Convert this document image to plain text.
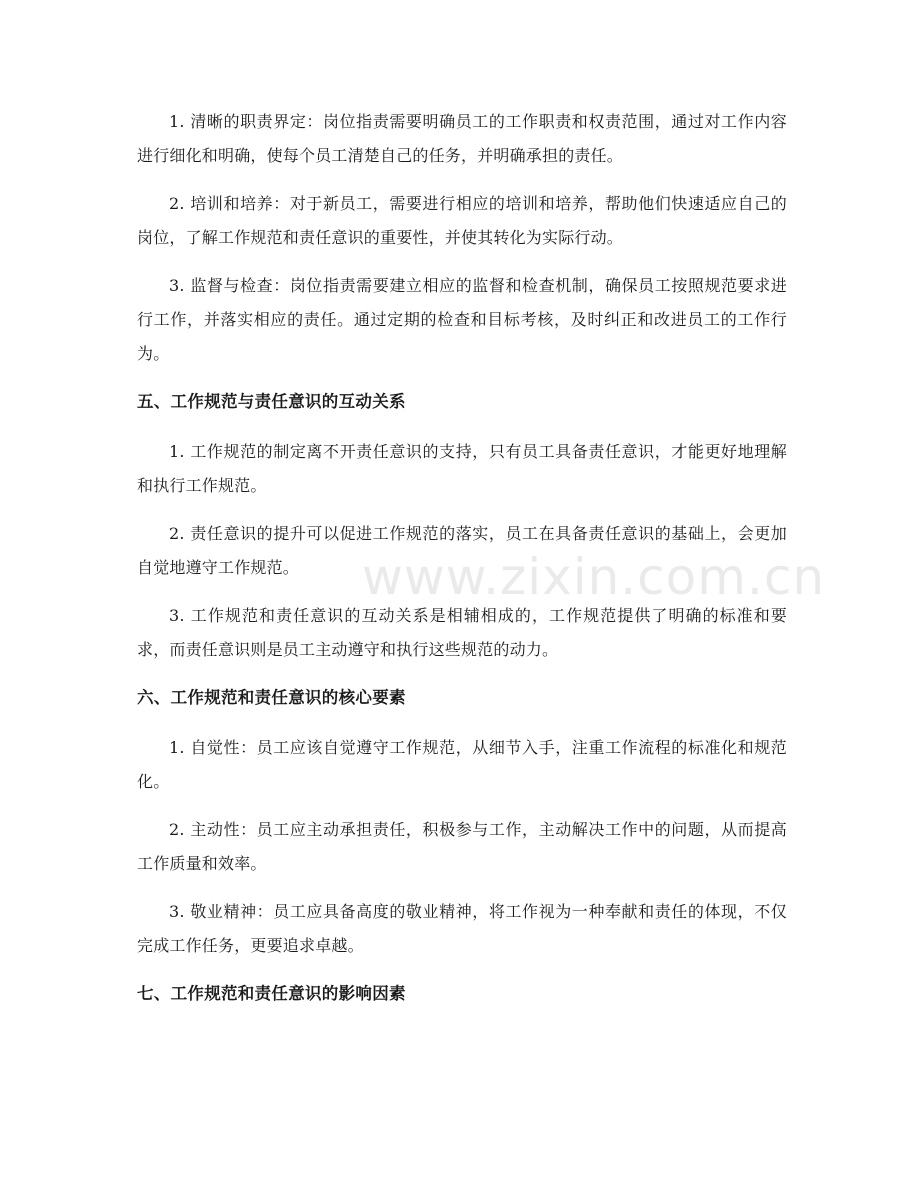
1. 清晰的职责界定：岗位指责需要明确员工的工作职责和权责范围，通过对工作内容进行细化和明确，使每个员工清楚自己的任务，并明确承担的责任。

2. 培训和培养：对于新员工，需要进行相应的培训和培养，帮助他们快速适应自己的岗位，了解工作规范和责任意识的重要性，并使其转化为实际行动。

3. 监督与检查：岗位指责需要建立相应的监督和检查机制，确保员工按照规范要求进行工作，并落实相应的责任。通过定期的检查和目标考核，及时纠正和改进员工的工作行为。

五、工作规范与责任意识的互动关系

1. 工作规范的制定离不开责任意识的支持，只有员工具备责任意识，才能更好地理解和执行工作规范。

2. 责任意识的提升可以促进工作规范的落实，员工在具备责任意识的基础上，会更加自觉地遵守工作规范。

3. 工作规范和责任意识的互动关系是相辅相成的，工作规范提供了明确的标准和要求，而责任意识则是员工主动遵守和执行这些规范的动力。

六、工作规范和责任意识的核心要素

1. 自觉性：员工应该自觉遵守工作规范，从细节入手，注重工作流程的标准化和规范化。

2. 主动性：员工应主动承担责任，积极参与工作，主动解决工作中的问题，从而提高工作质量和效率。

3. 敬业精神：员工应具备高度的敬业精神，将工作视为一种奉献和责任的体现，不仅完成工作任务，更要追求卓越。

七、工作规范和责任意识的影响因素
www.zixin.com.cn
